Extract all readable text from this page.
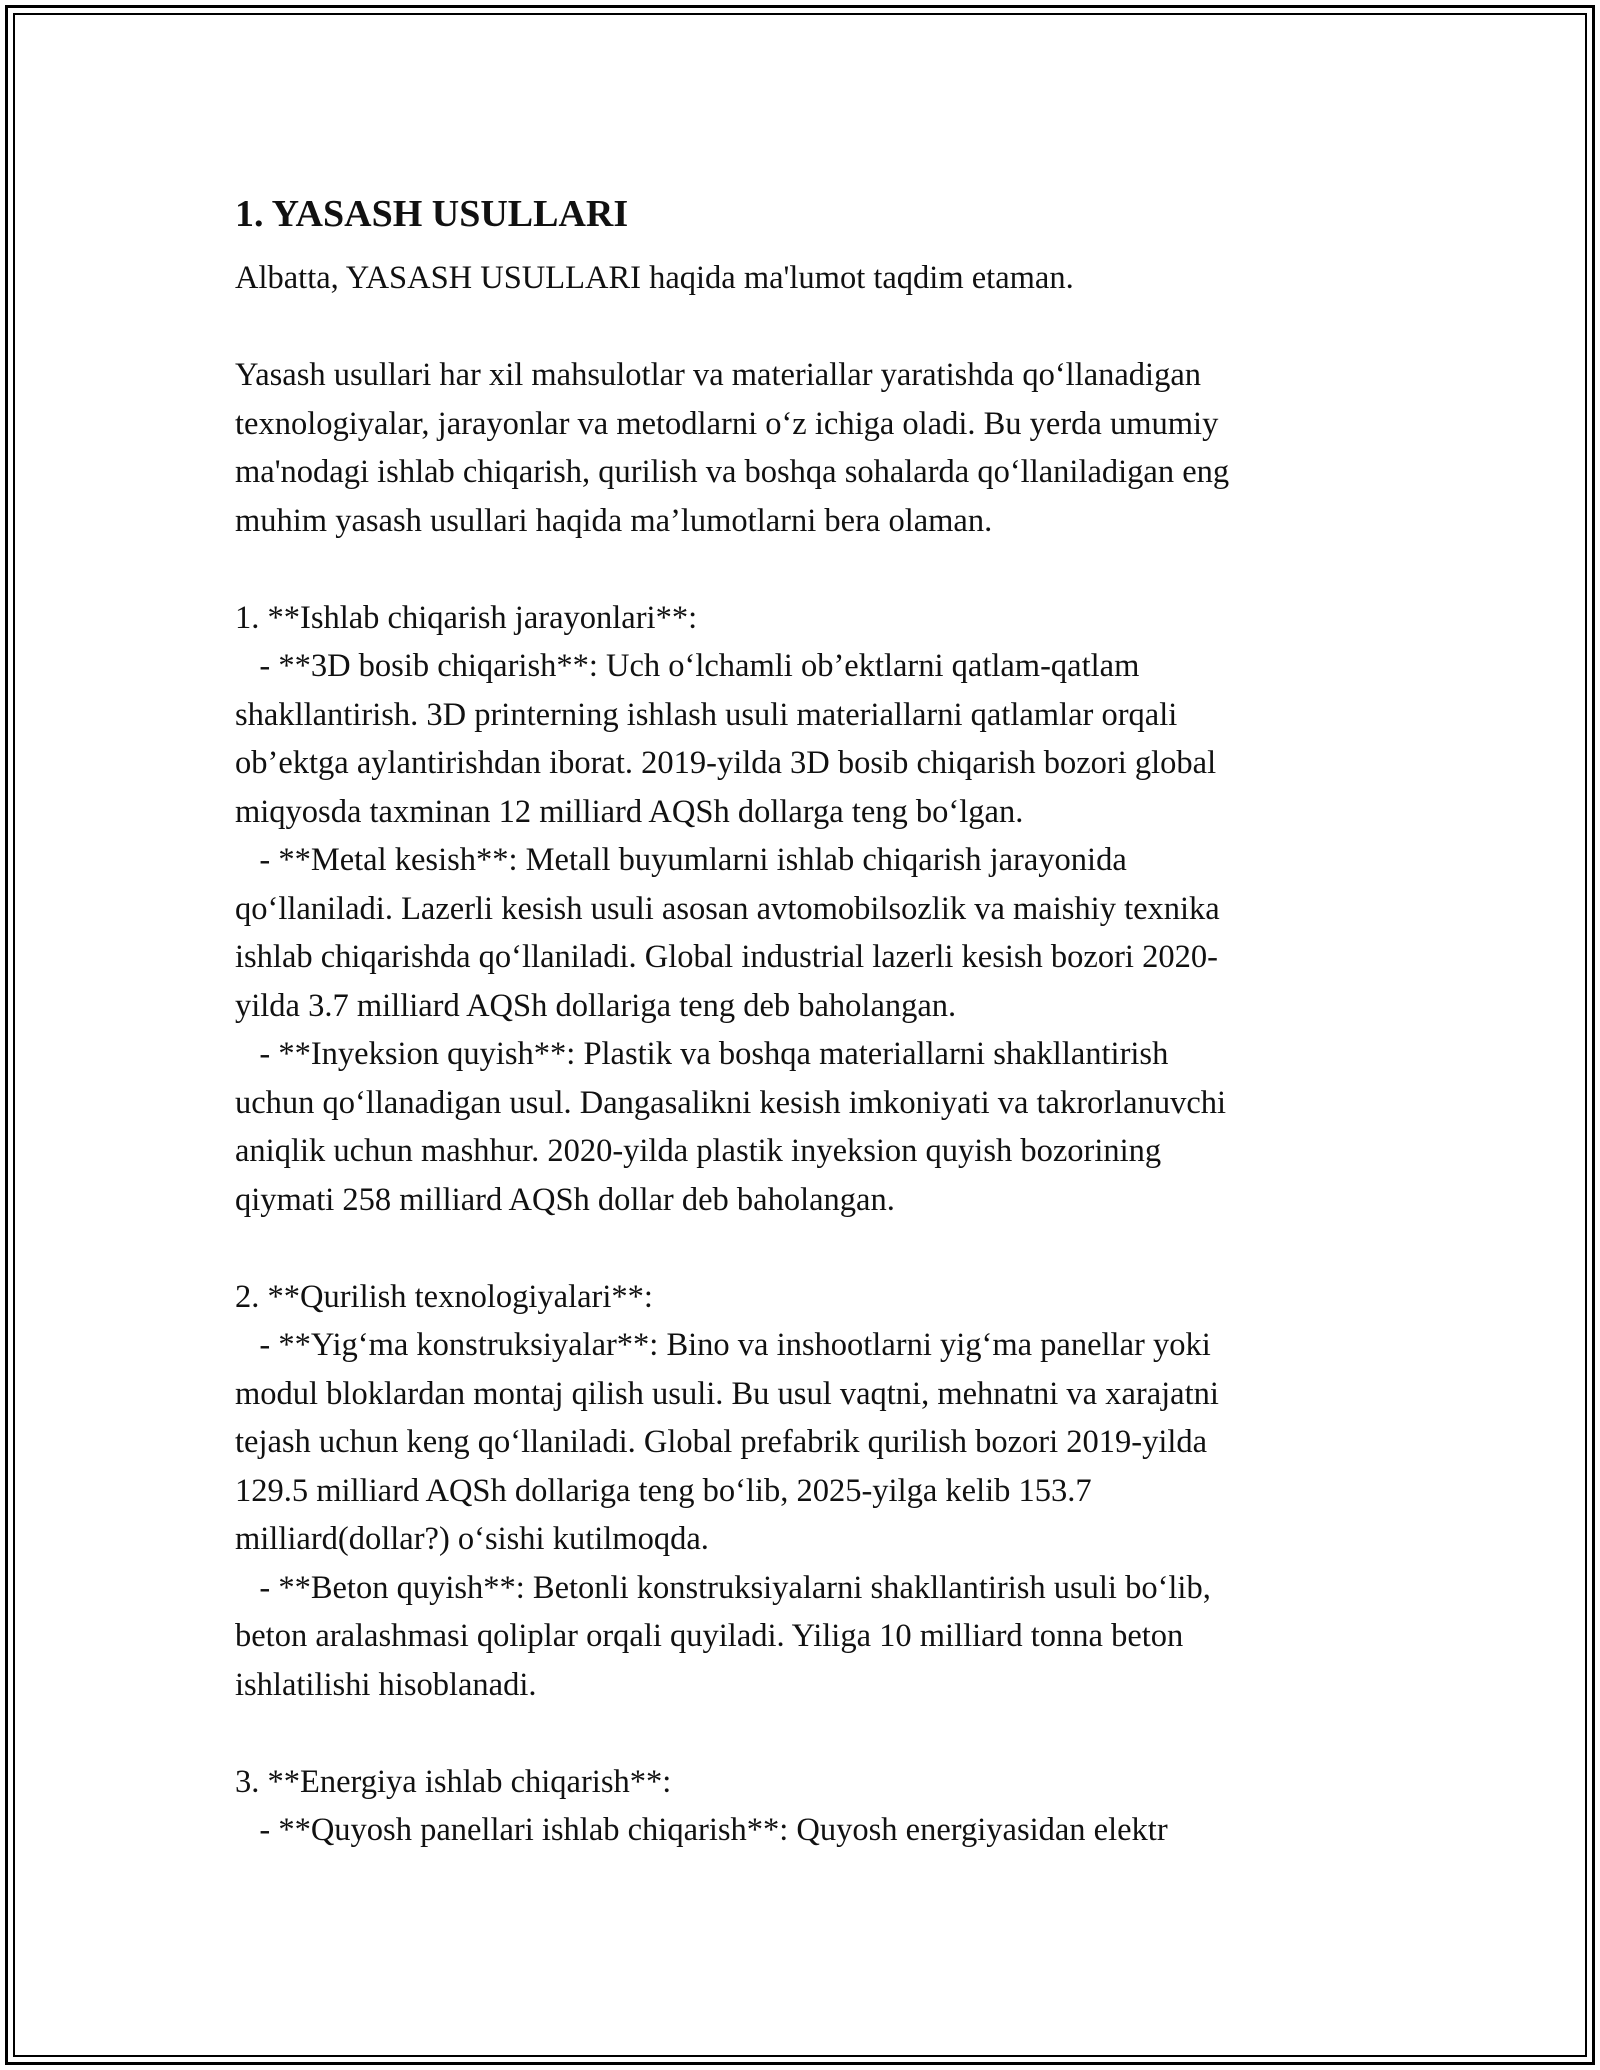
1. YASASH USULLARI

Albatta, YASASH USULLARI haqida ma'lumot taqdim etaman.

Yasash usullari har xil mahsulotlar va materiallar yaratishda qo‘llanadigan
texnologiyalar, jarayonlar va metodlarni o‘z ichiga oladi. Bu yerda umumiy
ma'nodagi ishlab chiqarish, qurilish va boshqa sohalarda qo‘llaniladigan eng
muhim yasash usullari haqida ma’lumotlarni bera olaman.

1. **Ishlab chiqarish jarayonlari**:

- **3D bosib chiqarish**: Uch o‘lchamli ob’ektlarni qatlam-qatlam
shakllantirish. 3D printerning ishlash usuli materiallarni qatlamlar orqali
ob’ektga aylantirishdan iborat. 2019-yilda 3D bosib chiqarish bozori global
miqyosda taxminan 12 milliard AQSh dollarga teng bo‘lgan.

- **Metal kesish**: Metall buyumlarni ishlab chiqarish jarayonida
qo‘llaniladi. Lazerli kesish usuli asosan avtomobilsozlik va maishiy texnika
ishlab chiqarishda qo‘llaniladi. Global industrial lazerli kesish bozori 2020-
yilda 3.7 milliard AQSh dollariga teng deb baholangan.

- **Inyeksion quyish**: Plastik va boshqa materiallarni shakllantirish
uchun qo‘llanadigan usul. Dangasalikni kesish imkoniyati va takrorlanuvchi
aniqlik uchun mashhur. 2020-yilda plastik inyeksion quyish bozorining
qiymati 258 milliard AQSh dollar deb baholangan.

2. **Qurilish texnologiyalari**:

- **Yig‘ma konstruksiyalar**: Bino va inshootlarni yig‘ma panellar yoki
modul bloklardan montaj qilish usuli. Bu usul vaqtni, mehnatni va xarajatni
tejash uchun keng qo‘llaniladi. Global prefabrik qurilish bozori 2019-yilda
129.5 milliard AQSh dollariga teng bo‘lib, 2025-yilga kelib 153.7
milliard(dollar?) o‘sishi kutilmoqda.

- **Beton quyish**: Betonli konstruksiyalarni shakllantirish usuli bo‘lib,
beton aralashmasi qoliplar orqali quyiladi. Yiliga 10 milliard tonna beton
ishlatilishi hisoblanadi.

3. **Energiya ishlab chiqarish**:

- **Quyosh panellari ishlab chiqarish**: Quyosh energiyasidan elektr
